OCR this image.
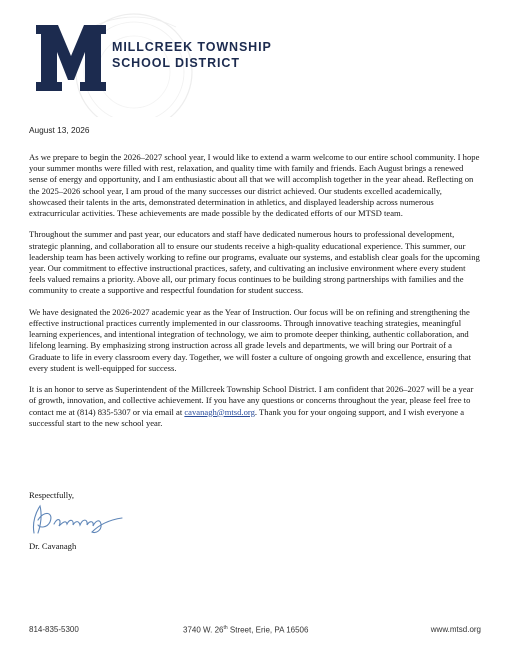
MILLCREEK TOWNSHIP
SCHOOL DISTRICT
August 13, 2026

As we prepare to begin the 2026–2027 school year, I would like to extend a warm welcome to our entire school community. I hope your summer months were filled with rest, relaxation, and quality time with family and friends. Each August brings a renewed sense of energy and opportunity, and I am enthusiastic about all that we will accomplish together in the year ahead. Reflecting on the 2025–2026 school year, I am proud of the many successes our district achieved. Our students excelled academically, showcased their talents in the arts, demonstrated determination in athletics, and displayed leadership across numerous extracurricular activities. These achievements are made possible by the dedicated efforts of our MTSD team.

Throughout the summer and past year, our educators and staff have dedicated numerous hours to professional development, strategic planning, and collaboration all to ensure our students receive a high-quality educational experience. This summer, our leadership team has been actively working to refine our programs, evaluate our systems, and establish clear goals for the upcoming year. Our commitment to effective instructional practices, safety, and cultivating an inclusive environment where every student feels valued remains a priority. Above all, our primary focus continues to be building strong partnerships with families and the community to create a supportive and respectful foundation for student success.

We have designated the 2026-2027 academic year as the Year of Instruction. Our focus will be on refining and strengthening the effective instructional practices currently implemented in our classrooms. Through innovative teaching strategies, meaningful learning experiences, and intentional integration of technology, we aim to promote deeper thinking, authentic collaboration, and lifelong learning. By emphasizing strong instruction across all grade levels and departments, we will bring our Portrait of a Graduate to life in every classroom every day. Together, we will foster a culture of ongoing growth and excellence, ensuring that every student is well-equipped for success.

It is an honor to serve as Superintendent of the Millcreek Township School District. I am confident that 2026–2027 will be a year of growth, innovation, and collective achievement. If you have any questions or concerns throughout the year, please feel free to contact me at (814) 835-5307 or via email at cavanagh@mtsd.org. Thank you for your ongoing support, and I wish everyone a successful start to the new school year.

Respectfully,
Dr. Cavanagh
814-835-5300	3740 W. 26th Street, Erie, PA 16506	www.mtsd.org
